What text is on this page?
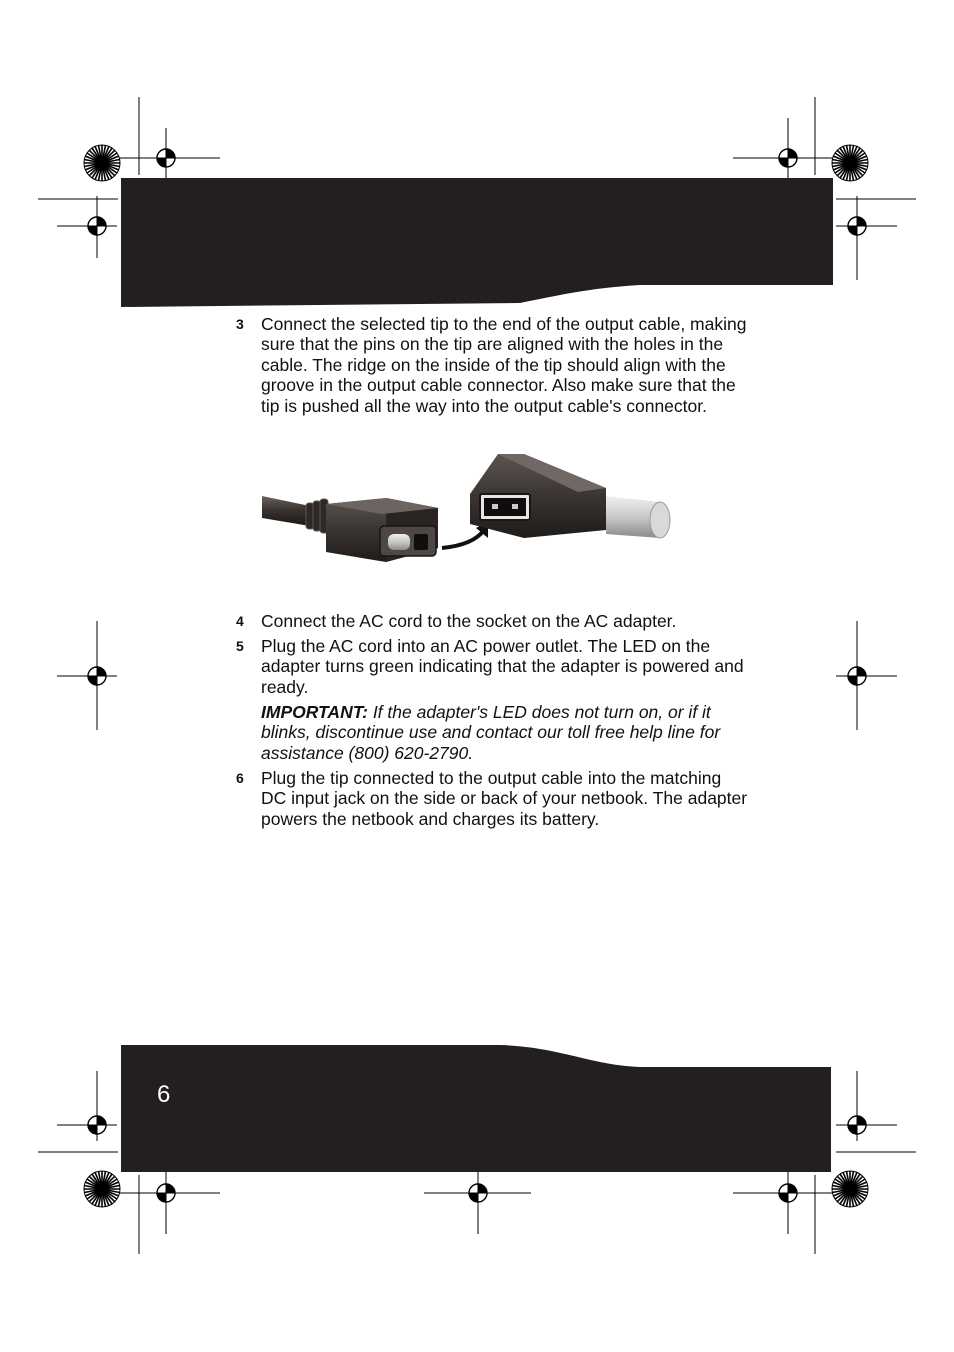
3 Connect the selected tip to the end of the output cable, making sure that the pins on the tip are aligned with the holes in the cable. The ridge on the inside of the tip should align with the groove in the output cable connector. Also make sure that the tip is pushed all the way into the output cable's connector.
4 Connect the AC cord to the socket on the AC adapter.
5 Plug the AC cord into an AC power outlet. The LED on the adapter turns green indicating that the adapter is powered and ready.
IMPORTANT: If the adapter's LED does not turn on, or if it blinks, discontinue use and contact our toll free help line for assistance (800) 620-2790.
6 Plug the tip connected to the output cable into the matching DC input jack on the side or back of your netbook. The adapter powers the netbook and charges its battery.
6
